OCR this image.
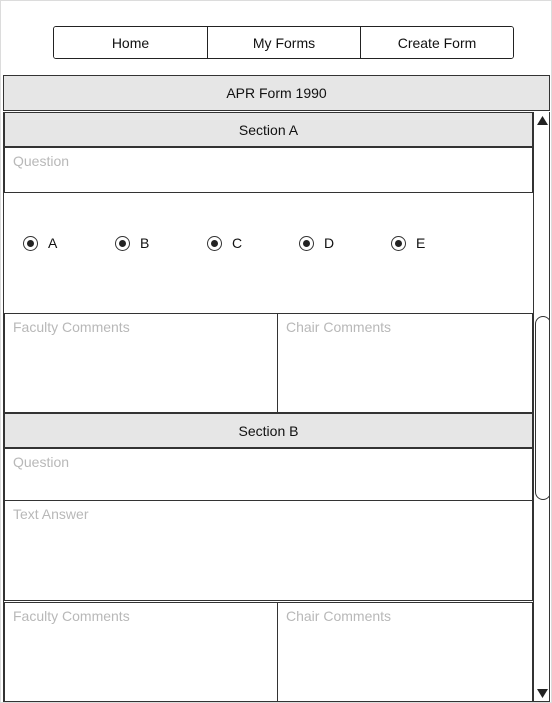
Home	My Forms	Create Form
APR Form 1990
Section A
Question
A	B	C	D	E
Faculty Comments	Chair Comments
Section B
Question
Text Answer
Faculty Comments	Chair Comments
